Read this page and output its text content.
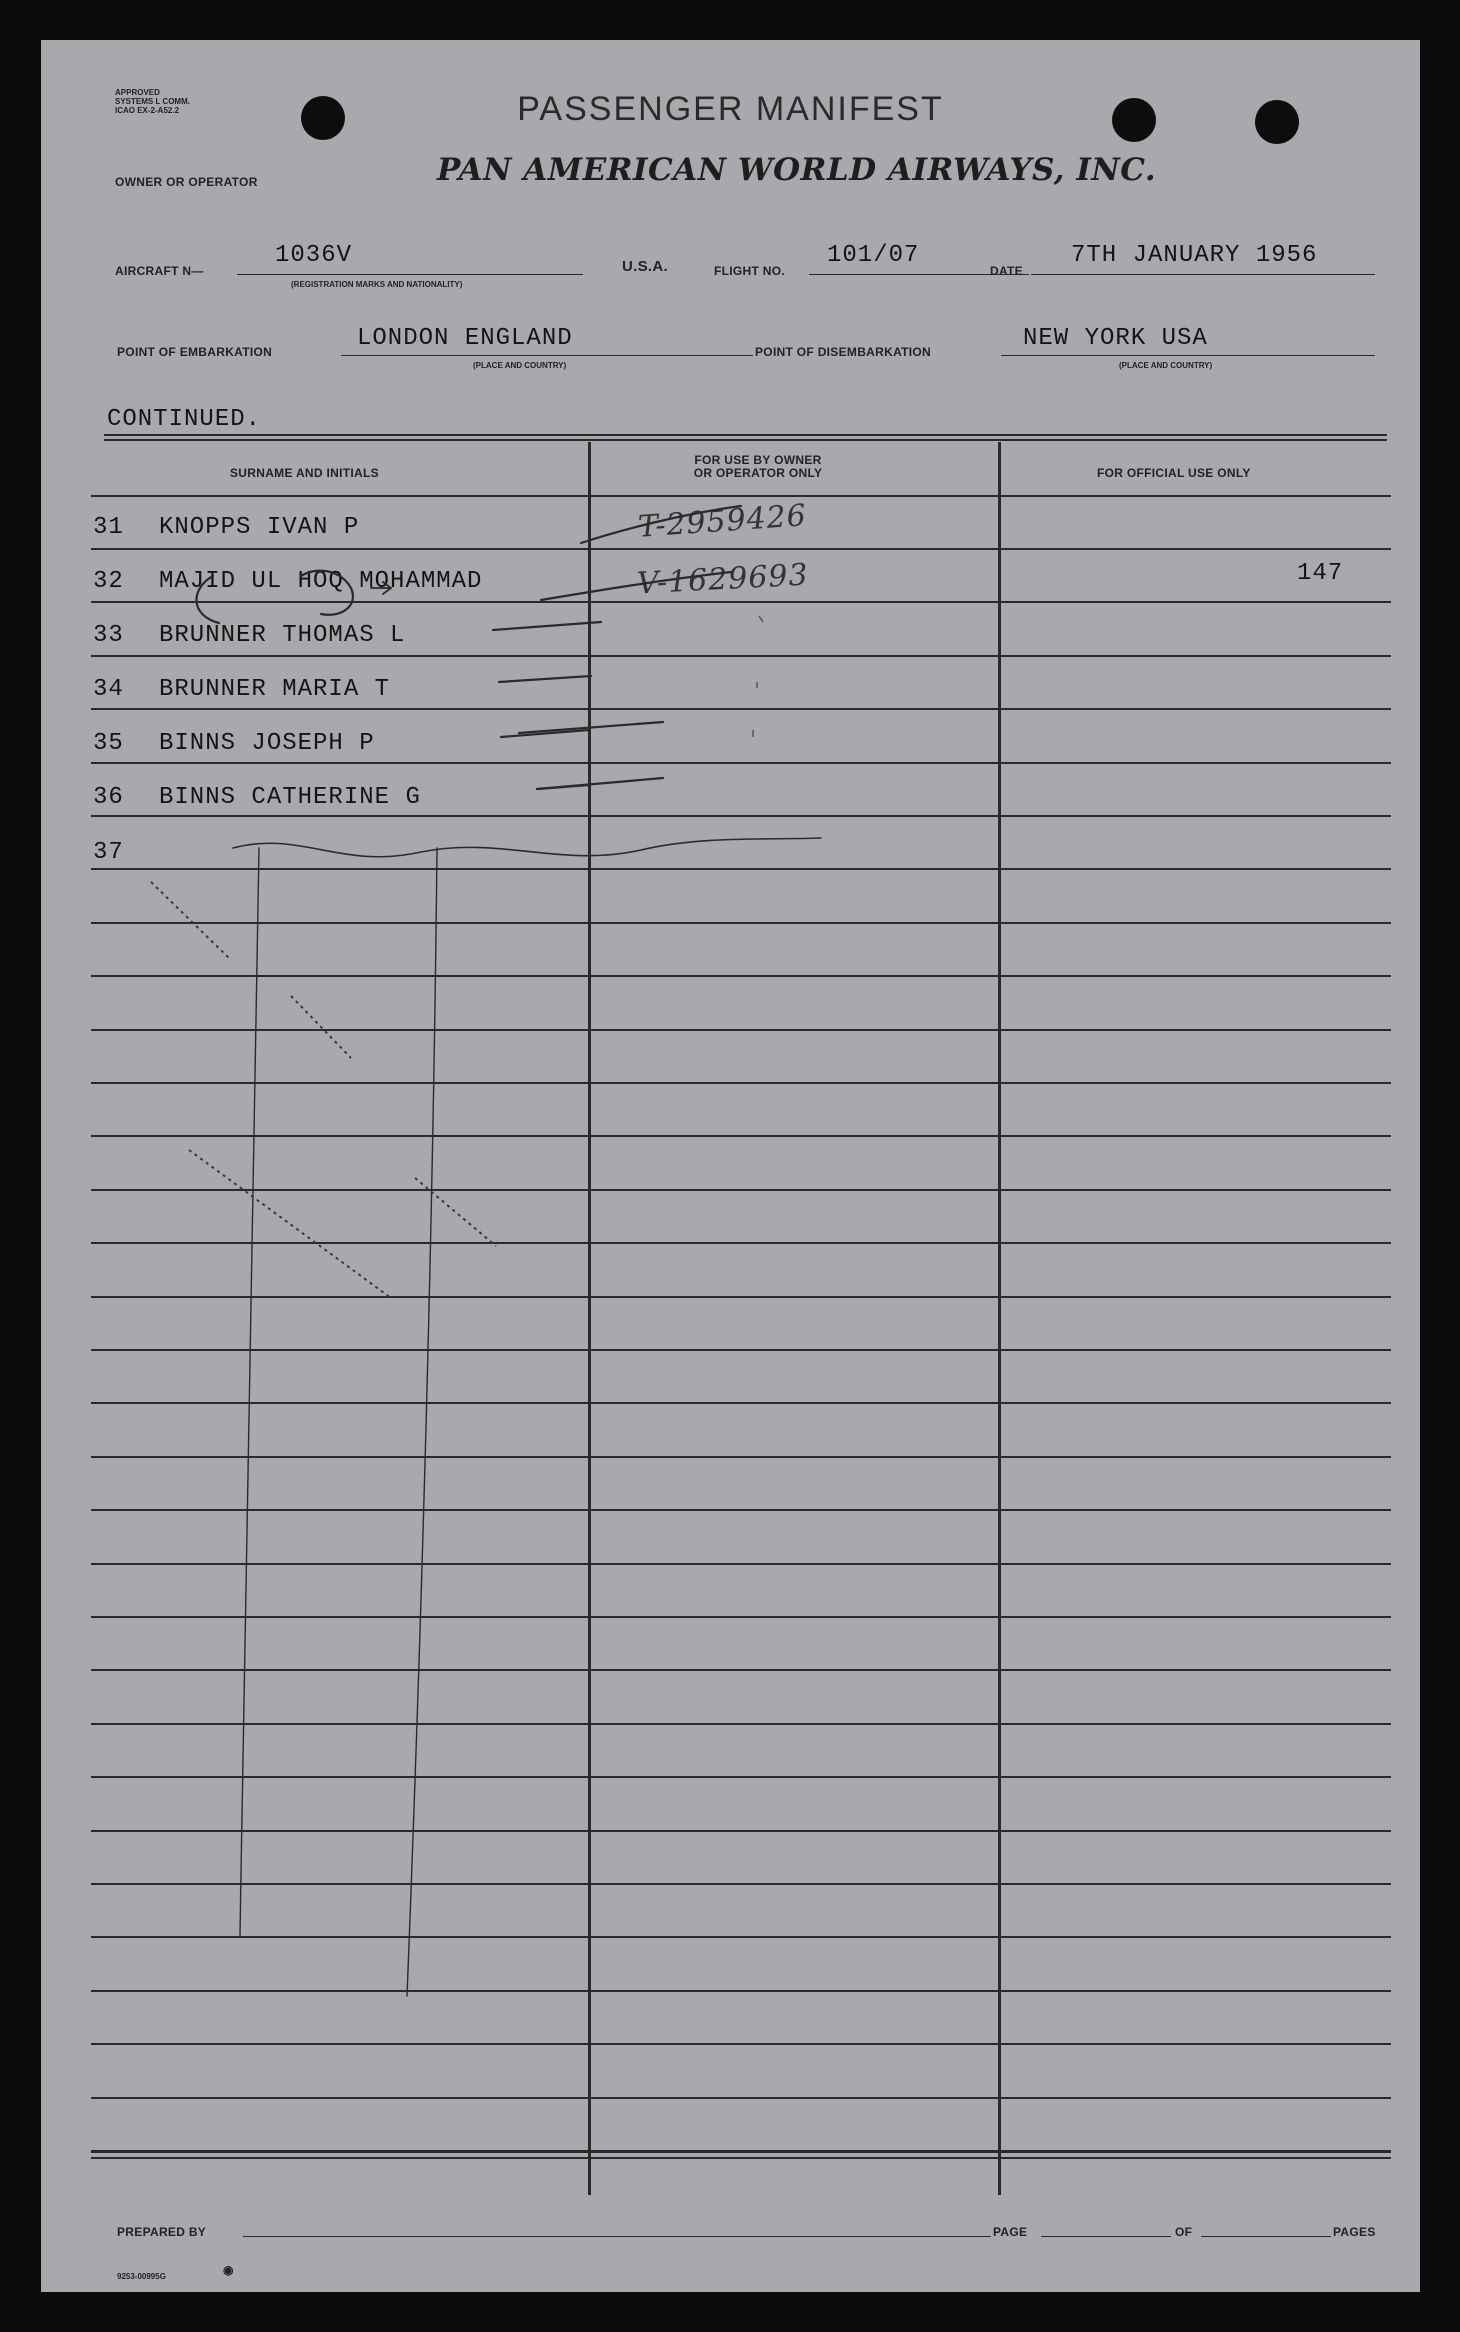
APPROVED
SYSTEMS L COMM.
ICAO EX-2-A52.2	PASSENGER MANIFEST
OWNER OR OPERATOR	PAN AMERICAN WORLD AIRWAYS, INC.
AIRCRAFT N—
1036V
(REGISTRATION MARKS AND NATIONALITY)
U.S.A.	FLIGHT NO.
101/07
DATE
7TH JANUARY 1956
POINT OF EMBARKATION	LONDON ENGLAND
(PLACE AND COUNTRY)
POINT OF DISEMBARKATION	NEW YORK USA
(PLACE AND COUNTRY)
CONTINUED.
SURNAME AND INITIALS
FOR USE BY OWNER
OR OPERATOR ONLY	FOR OFFICIAL USE ONLY
31 KNOPPS IVAN P	T-2959426
32 MAJID UL HOQ MOHAMMAD	V-1629693	147
33 BRUNNER THOMAS L
34 BRUNNER MARIA T
35 BINNS JOSEPH P
36 BINNS CATHERINE G
37
PREPARED BY	PAGE	OF	PAGES
9253-00995G	◉
